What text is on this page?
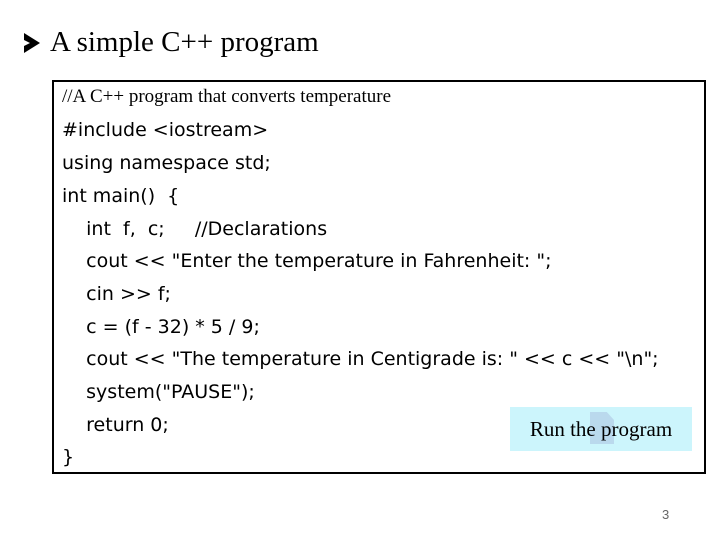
A simple C++ program
//A C++ program that converts temperature
#include <iostream>
using namespace std;
int main()  {
int  f,  c;     //Declarations
cout << "Enter the temperature in Fahrenheit: ";
cin >> f;
c = (f - 32) * 5 / 9;
cout << "The temperature in Centigrade is: " << c << "\n";
system("PAUSE");
return 0;
}
Run the program
3
